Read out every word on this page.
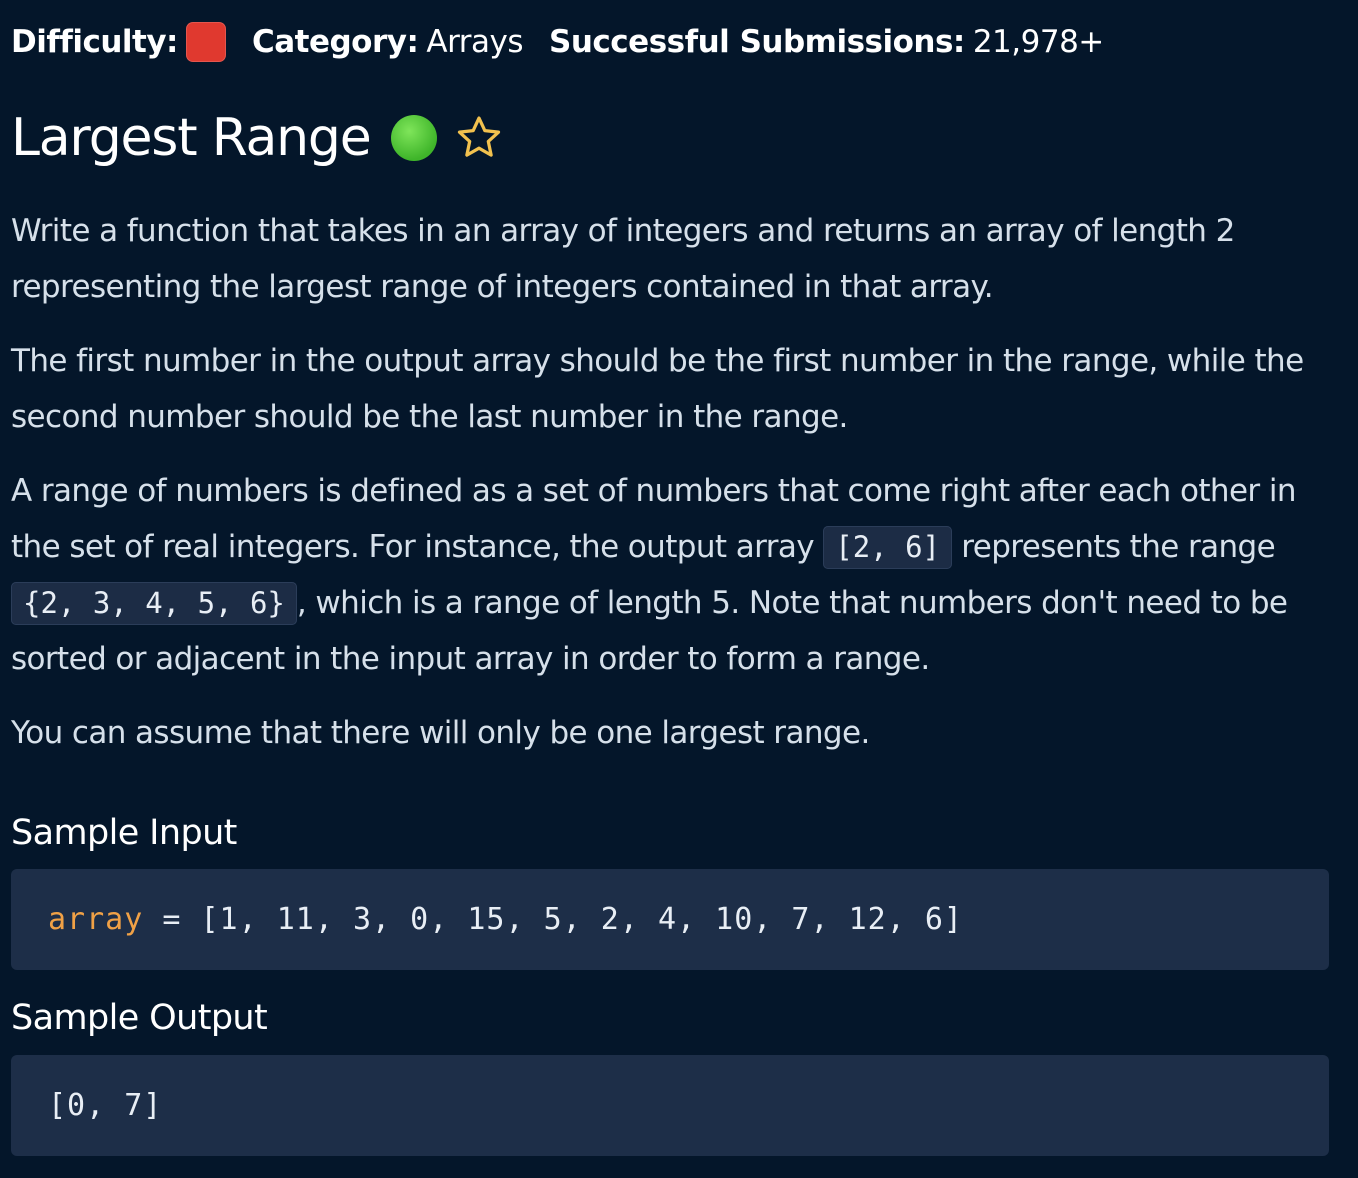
Difficulty: Category: Arrays Successful Submissions: 21,978+
Largest Range

Write a function that takes in an array of integers and returns an array of length 2 representing the largest range of integers contained in that array.

The first number in the output array should be the first number in the range, while the second number should be the last number in the range.

A range of numbers is defined as a set of numbers that come right after each other in the set of real integers. For instance, the output array [2, 6] represents the range {2, 3, 4, 5, 6} , which is a range of length 5. Note that numbers don't need to be sorted or adjacent in the input array in order to form a range.

You can assume that there will only be one largest range.

Sample Input
array = [1, 11, 3, 0, 15, 5, 2, 4, 10, 7, 12, 6]
Sample Output
[0, 7]
